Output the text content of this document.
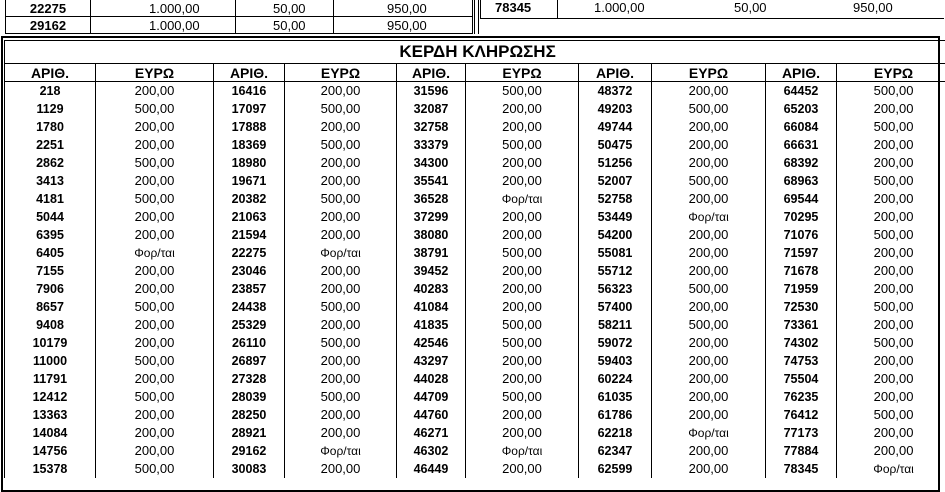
22275	1.000,00	50,00	950,00
29162	1.000,00	50,00	950,00
78345	1.000,00	50,00	950,00
ΚΕΡΔΗ ΚΛΗΡΩΣΗΣ									
ΑΡΙΘ.	ΕΥΡΩ	ΑΡΙΘ.	ΕΥΡΩ	ΑΡΙΘ.	ΕΥΡΩ	ΑΡΙΘ.	ΕΥΡΩ	ΑΡΙΘ.	ΕΥΡΩ
218	200,00	16416	200,00	31596	500,00	48372	200,00	64452	500,00
1129	500,00	17097	500,00	32087	200,00	49203	500,00	65203	200,00
1780	200,00	17888	200,00	32758	200,00	49744	200,00	66084	500,00
2251	200,00	18369	500,00	33379	500,00	50475	200,00	66631	200,00
2862	500,00	18980	200,00	34300	200,00	51256	200,00	68392	200,00
3413	200,00	19671	200,00	35541	200,00	52007	500,00	68963	500,00
4181	500,00	20382	500,00	36528	Φορ/ται	52758	200,00	69544	200,00
5044	200,00	21063	200,00	37299	200,00	53449	Φορ/ται	70295	200,00
6395	200,00	21594	200,00	38080	200,00	54200	200,00	71076	500,00
6405	Φορ/ται	22275	Φορ/ται	38791	500,00	55081	200,00	71597	200,00
7155	200,00	23046	200,00	39452	200,00	55712	200,00	71678	200,00
7906	200,00	23857	200,00	40283	200,00	56323	500,00	71959	200,00
8657	500,00	24438	500,00	41084	200,00	57400	200,00	72530	500,00
9408	200,00	25329	200,00	41835	500,00	58211	500,00	73361	200,00
10179	200,00	26110	500,00	42546	500,00	59072	200,00	74302	500,00
11000	500,00	26897	200,00	43297	200,00	59403	200,00	74753	200,00
11791	200,00	27328	200,00	44028	200,00	60224	200,00	75504	200,00
12412	500,00	28039	500,00	44709	500,00	61035	200,00	76235	200,00
13363	200,00	28250	200,00	44760	200,00	61786	200,00	76412	500,00
14084	200,00	28921	200,00	46271	200,00	62218	Φορ/ται	77173	200,00
14756	200,00	29162	Φορ/ται	46302	Φορ/ται	62347	200,00	77884	200,00
15378	500,00	30083	200,00	46449	200,00	62599	200,00	78345	Φορ/ται
